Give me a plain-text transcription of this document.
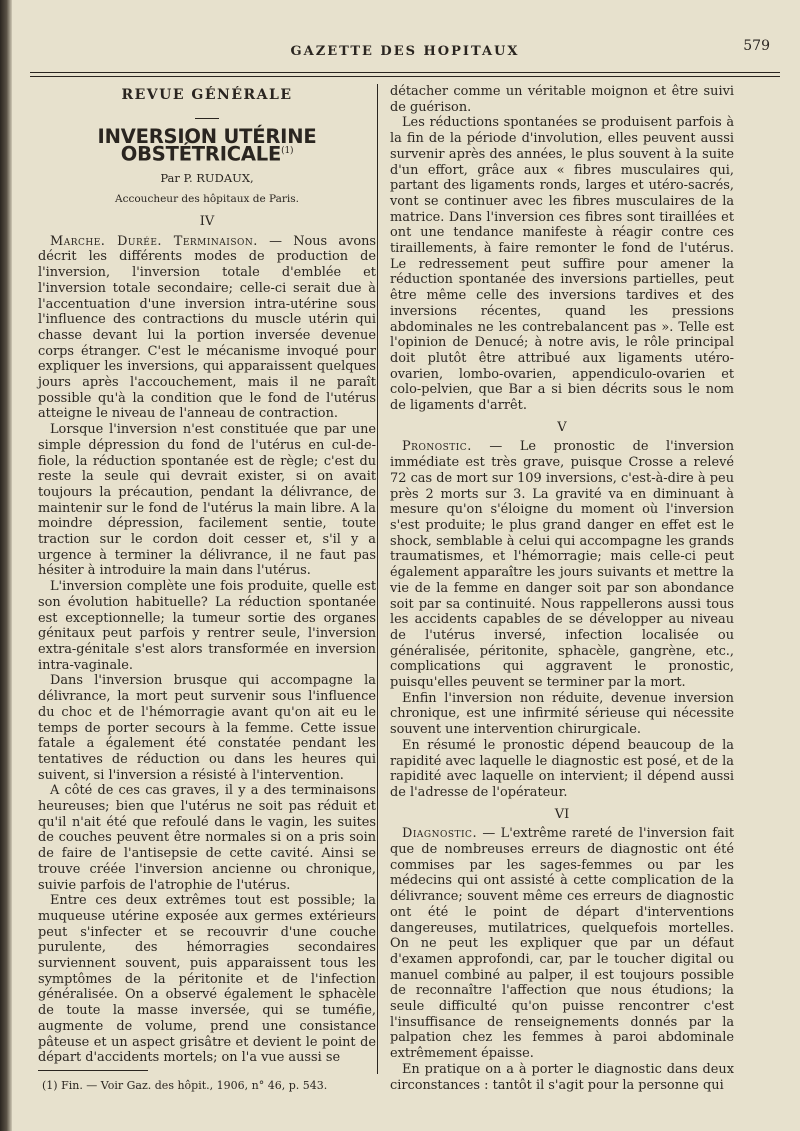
GAZETTE DES HOPITAUX	579
REVUE GÉNÉRALE
INVERSION UTÉRINE OBSTÉTRICALE$^{(1)}$
Par P. RUDAUX,
Accoucheur des hôpitaux de Paris.
IV

Marche. Durée. Terminaison. — Nous avons décrit les différents modes de production de l'inversion, l'inversion totale d'emblée et l'inversion totale secondaire; celle-ci serait due à l'accentuation d'une inversion intra-utérine sous l'influence des contractions du muscle utérin qui chasse devant lui la portion inversée devenue corps étranger. C'est le mécanisme invoqué pour expliquer les inversions, qui apparaissent quelques jours après l'accouchement, mais il ne paraît possible qu'à la condition que le fond de l'utérus atteigne le niveau de l'anneau de contraction.

Lorsque l'inversion n'est constituée que par une simple dépression du fond de l'utérus en cul-de-fiole, la réduction spontanée est de règle; c'est du reste la seule qui devrait exister, si on avait toujours la précaution, pendant la délivrance, de maintenir sur le fond de l'utérus la main libre. A la moindre dépression, facilement sentie, toute traction sur le cordon doit cesser et, s'il y a urgence à terminer la délivrance, il ne faut pas hésiter à introduire la main dans l'utérus.

L'inversion complète une fois produite, quelle est son évolution habituelle? La réduction spontanée est exceptionnelle; la tumeur sortie des organes génitaux peut parfois y rentrer seule, l'inversion extra-génitale s'est alors transformée en inversion intra-vaginale.

Dans l'inversion brusque qui accompagne la délivrance, la mort peut survenir sous l'influence du choc et de l'hémorragie avant qu'on ait eu le temps de porter secours à la femme. Cette issue fatale a également été constatée pendant les tentatives de réduction ou dans les heures qui suivent, si l'inversion a résisté à l'intervention.

A côté de ces cas graves, il y a des terminaisons heureuses; bien que l'utérus ne soit pas réduit et qu'il n'ait été que refoulé dans le vagin, les suites de couches peuvent être normales si on a pris soin de faire de l'antisepsie de cette cavité. Ainsi se trouve créée l'inversion ancienne ou chronique, suivie parfois de l'atrophie de l'utérus.

Entre ces deux extrêmes tout est possible; la muqueuse utérine exposée aux germes extérieurs peut s'infecter et se recouvrir d'une couche purulente, des hémorragies secondaires surviennent souvent, puis apparaissent tous les symptômes de la péritonite et de l'infection généralisée. On a observé également le sphacèle de toute la masse inversée, qui se tuméfie, augmente de volume, prend une consistance pâteuse et un aspect grisâtre et devient le point de départ d'accidents mortels; on l'a vue aussi se

(1) Fin. — Voir Gaz. des hôpit., 1906, n° 46, p. 543.

détacher comme un véritable moignon et être suivi de guérison.

Les réductions spontanées se produisent parfois à la fin de la période d'involution, elles peuvent aussi survenir après des années, le plus souvent à la suite d'un effort, grâce aux « fibres musculaires qui, partant des ligaments ronds, larges et utéro-sacrés, vont se continuer avec les fibres musculaires de la matrice. Dans l'inversion ces fibres sont tiraillées et ont une tendance manifeste à réagir contre ces tiraillements, à faire remonter le fond de l'utérus. Le redressement peut suffire pour amener la réduction spontanée des inversions partielles, peut être même celle des inversions tardives et des inversions récentes, quand les pressions abdominales ne les contrebalancent pas ». Telle est l'opinion de Denucé; à notre avis, le rôle principal doit plutôt être attribué aux ligaments utéro-ovarien, lombo-ovarien, appendiculo-ovarien et colo-pelvien, que Bar a si bien décrits sous le nom de ligaments d'arrêt.

V

Pronostic. — Le pronostic de l'inversion immédiate est très grave, puisque Crosse a relevé 72 cas de mort sur 109 inversions, c'est-à-dire à peu près 2 morts sur 3. La gravité va en diminuant à mesure qu'on s'éloigne du moment où l'inversion s'est produite; le plus grand danger en effet est le shock, semblable à celui qui accompagne les grands traumatismes, et l'hémorragie; mais celle-ci peut également apparaître les jours suivants et mettre la vie de la femme en danger soit par son abondance soit par sa continuité. Nous rappellerons aussi tous les accidents capables de se développer au niveau de l'utérus inversé, infection localisée ou généralisée, péritonite, sphacèle, gangrène, etc., complications qui aggravent le pronostic, puisqu'elles peuvent se terminer par la mort.

Enfin l'inversion non réduite, devenue inversion chronique, est une infirmité sérieuse qui nécessite souvent une intervention chirurgicale.

En résumé le pronostic dépend beaucoup de la rapidité avec laquelle le diagnostic est posé, et de la rapidité avec laquelle on intervient; il dépend aussi de l'adresse de l'opérateur.

VI

Diagnostic. — L'extrême rareté de l'inversion fait que de nombreuses erreurs de diagnostic ont été commises par les sages-femmes ou par les médecins qui ont assisté à cette complication de la délivrance; souvent même ces erreurs de diagnostic ont été le point de départ d'interventions dangereuses, mutilatrices, quelquefois mortelles. On ne peut les expliquer que par un défaut d'examen approfondi, car, par le toucher digital ou manuel combiné au palper, il est toujours possible de reconnaître l'affection que nous étudions; la seule difficulté qu'on puisse rencontrer c'est l'insuffisance de renseignements donnés par la palpation chez les femmes à paroi abdominale extrêmement épaisse.

En pratique on a à porter le diagnostic dans deux circonstances : tantôt il s'agit pour la personne qui
